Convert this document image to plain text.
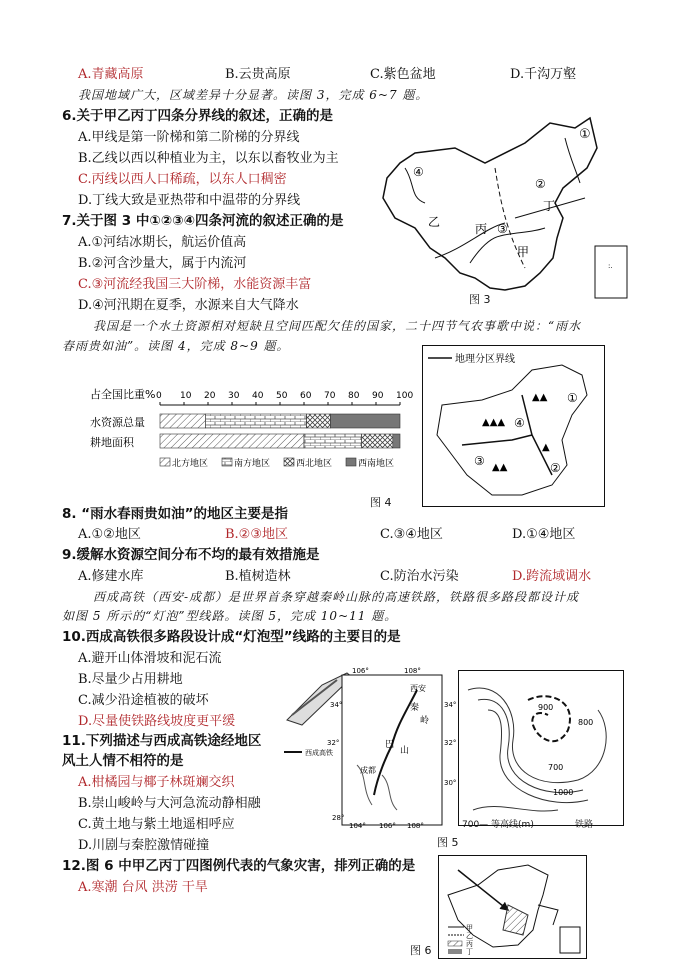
A.青藏高原	B.云贵高原	C.紫色盆地	D.千沟万壑
我国地域广大，区域差异十分显著。读图 3，完成 6~7 题。
6.关于甲乙丙丁四条分界线的叙述，正确的是
A.甲线是第一阶梯和第二阶梯的分界线
B.乙线以西以种植业为主，以东以畜牧业为主
C.丙线以西人口稀疏，以东人口稠密
D.丁线大致是亚热带和中温带的分界线
7.关于图 3 中①②③④四条河流的叙述正确的是
A.①河结冰期长，航运价值高
B.②河含沙量大，属于内流河
C.③河流经我国三大阶梯，水能资源丰富
D.④河汛期在夏季，水源来自大气降水
:.
①
②
③
④
甲
乙	丙
丁
图 3
我国是一个水土资源相对短缺且空间匹配欠佳的国家，二十四节气农事歌中说：“雨水
春雨贵如油”。读图 4，完成 8~9 题。
占全国比重% 0 10 20 30 40 50 60 70 80 90 100
水资源总量
耕地面积
北方地区	南方地区	西北地区	西南地区
地理分区界线
▲▲
▲▲▲
▲▲
▲
①
②
③
④
图 4
8. “雨水春雨贵如油”的地区主要是指
A.①②地区	B.②③地区	C.③④地区	D.①④地区
9.缓解水资源空间分布不均的最有效措施是
A.修建水库	B.植树造林	C.防治水污染	D.跨流域调水
西成高铁（西安-成都）是世界首条穿越秦岭山脉的高速铁路，铁路很多路段都设计成
如图 5 所示的“灯泡”型线路。读图 5，完成 10~11 题。
10.西成高铁很多路段设计成“灯泡型”线路的主要目的是
A.避开山体滑坡和泥石流
B.尽量少占用耕地
C.减少沿途植被的破坏
D.尽量使铁路线坡度更平缓
11.下列描述与西成高铁途经地区
风土人情不相符的是
A.柑橘园与椰子林斑斓交织
B.崇山峻岭与大河急流动静相融
C.黄土地与紫土地遥相呼应
D.川剧与秦腔激情碰撞
106°	108°
104° 106° 108°
34°	34°
32°	32°
30°
28°
西安
秦
岭
巴
山
成都
西成高铁
900
800
700
1000
700— 等高线(m)	铁路
图 5
12.图 6 中甲乙丙丁四图例代表的气象灾害，排列正确的是
A.寒潮 台风 洪涝 干旱
甲
乙
丙
丁
图 6
